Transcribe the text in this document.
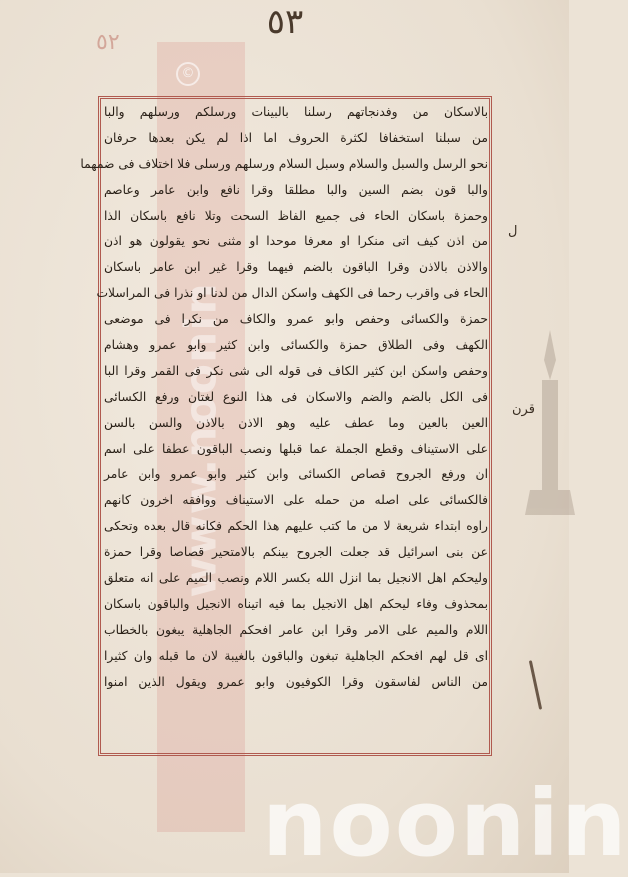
©
www.noonin
٥٣
٥٢
بالاسكان من وفدنجاتهم رسلنا بالبينات ورسلكم ورسلهم والبا
من سبلنا استخفافا لكثرة الحروف اما اذا لم يكن بعدها حرفان
نحو الرسل والسبل والسلام وسبل السلام ورسلهم ورسلى فلا اختلاف فى ضمهما
والبا قون بضم السين والبا مطلقا وقرا نافع وابن عامر وعاصم
وحمزة باسكان الحاء فى جميع الفاظ السحت وتلا نافع باسكان الذا
من اذن كيف اتى منكرا او معرفا موحدا او مثنى نحو يقولون هو اذن
والاذن بالاذن وقرا الباقون بالضم فيهما وقرا غير ابن عامر باسكان
الحاء فى واقرب رحما فى الكهف واسكن الدال من لدنا او نذرا فى المراسلات
حمزة والكسائى وحفص وابو عمرو والكاف من نكرا فى موضعى
الكهف وفى الطلاق حمزة والكسائى وابن كثير وابو عمرو وهشام
وحفص واسكن ابن كثير الكاف فى قوله الى شى نكر فى القمر وقرا البا
فى الكل بالضم والضم والاسكان فى هذا النوع لغتان ورفع الكسائى
العين بالعين وما عطف عليه وهو الاذن بالاذن والسن بالسن
على الاستيناف وقطع الجملة عما قبلها ونصب الباقون عطفا على اسم
ان ورفع الجروح قصاص الكسائى وابن كثير وابو عمرو وابن عامر
فالكسائى على اصله من حمله على الاستيناف ووافقه اخرون كانهم
راوه ابتداء شريعة لا من ما كتب عليهم هذا الحكم فكانه قال بعده وتحكى
عن بنى اسرائيل قد جعلت الجروح بينكم بالامتحير قصاصا وقرا حمزة
وليحكم اهل الانجيل بما انزل الله بكسر اللام ونصب الميم على انه متعلق
بمحذوف وفاء ليحكم اهل الانجيل بما فيه اتيناه الانجيل والباقون باسكان
اللام والميم على الامر وقرا ابن عامر افحكم الجاهلية يبغون بالخطاب
اى قل لهم افحكم الجاهلية تبغون والباقون بالغيبة لان ما قبله وان كثيرا
من الناس لفاسقون وقرا الكوفيون وابو عمرو ويقول الذين امنوا
ل
قرن
noonin
